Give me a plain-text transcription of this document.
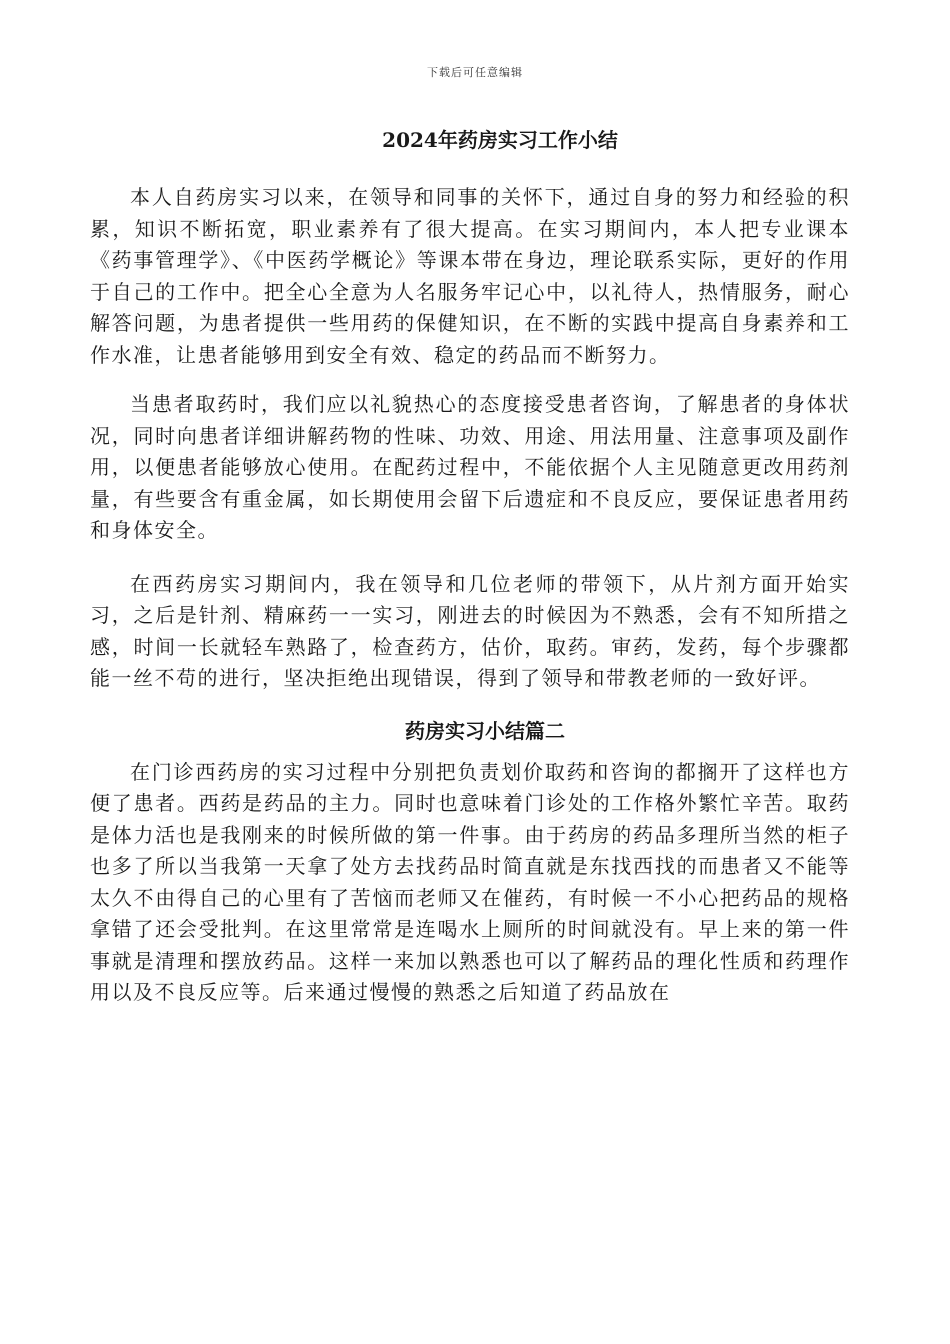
下载后可任意编辑
2024年药房实习工作小结

本人自药房实习以来，在领导和同事的关怀下，通过自身的努力和经验的积累，知识不断拓宽，职业素养有了很大提高。在实习期间内，本人把专业课本《药事管理学》、《中医药学概论》等课本带在身边，理论联系实际，更好的作用于自己的工作中。把全心全意为人名服务牢记心中，以礼待人，热情服务，耐心解答问题，为患者提供一些用药的保健知识，在不断的实践中提高自身素养和工作水准，让患者能够用到安全有效、稳定的药品而不断努力。

当患者取药时，我们应以礼貌热心的态度接受患者咨询，了解患者的身体状况，同时向患者详细讲解药物的性味、功效、用途、用法用量、注意事项及副作用，以便患者能够放心使用。在配药过程中，不能依据个人主见随意更改用药剂量，有些要含有重金属，如长期使用会留下后遗症和不良反应，要保证患者用药和身体安全。

在西药房实习期间内，我在领导和几位老师的带领下，从片剂方面开始实习，之后是针剂、精麻药一一实习，刚进去的时候因为不熟悉，会有不知所措之感，时间一长就轻车熟路了，检查药方，估价，取药。审药，发药，每个步骤都能一丝不苟的进行，坚决拒绝出现错误，得到了领导和带教老师的一致好评。

药房实习小结篇二

在门诊西药房的实习过程中分别把负责划价取药和咨询的都搁开了这样也方便了患者。西药是药品的主力。同时也意味着门诊处的工作格外繁忙辛苦。取药是体力活也是我刚来的时候所做的第一件事。由于药房的药品多理所当然的柜子也多了所以当我第一天拿了处方去找药品时简直就是东找西找的而患者又不能等太久不由得自己的心里有了苦恼而老师又在催药，有时候一不小心把药品的规格拿错了还会受批判。在这里常常是连喝水上厕所的时间就没有。早上来的第一件事就是清理和摆放药品。这样一来加以熟悉也可以了解药品的理化性质和药理作用以及不良反应等。后来通过慢慢的熟悉之后知道了药品放在
